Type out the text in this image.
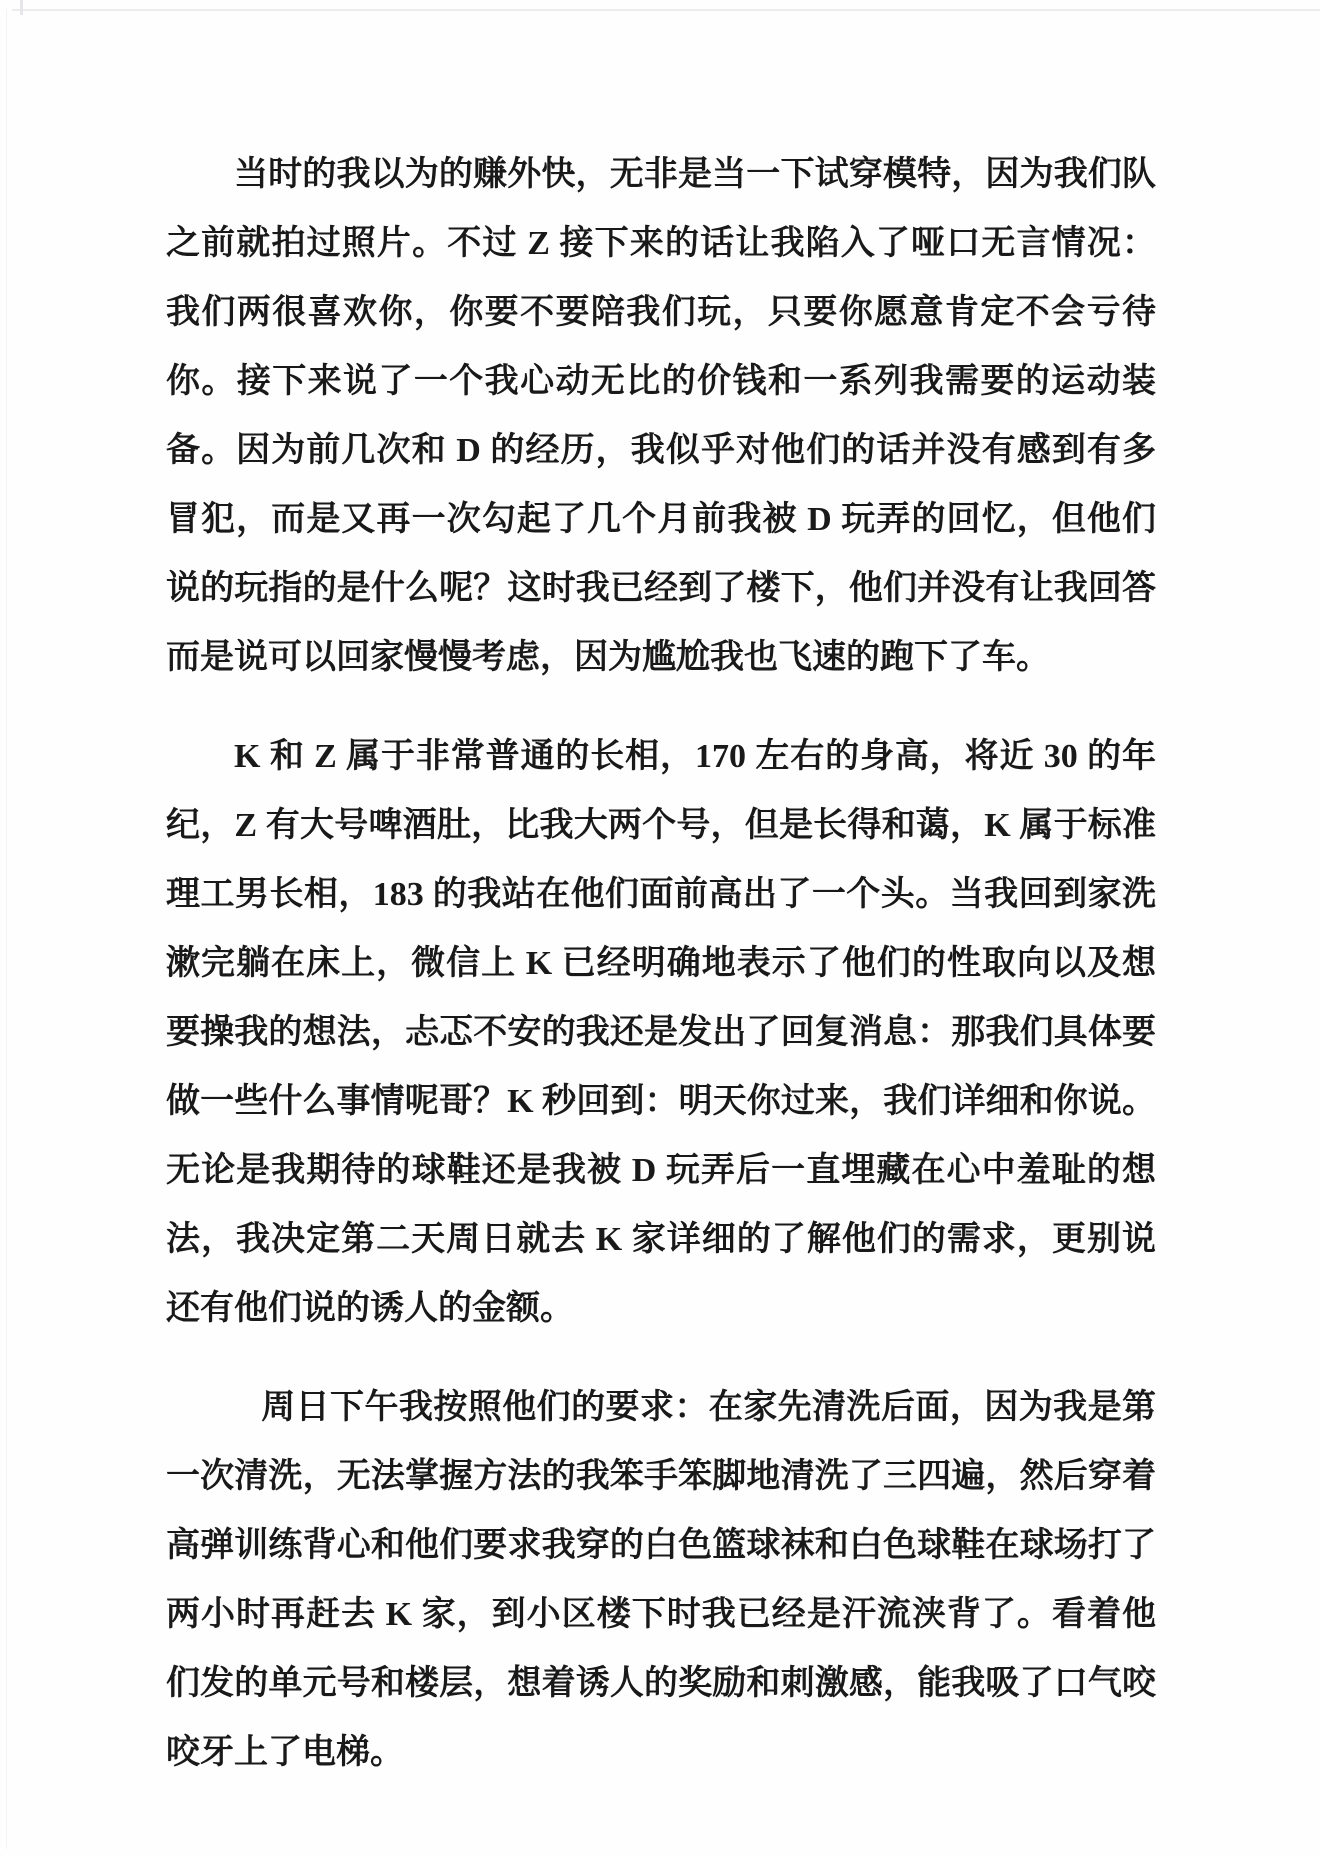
当时的我以为的赚外快，无非是当一下试穿模特，因为我们队之前就拍过照片。不过 Z 接下来的话让我陷入了哑口无言情况：我们两很喜欢你，你要不要陪我们玩，只要你愿意肯定不会亏待你。接下来说了一个我心动无比的价钱和一系列我需要的运动装备。因为前几次和 D 的经历，我似乎对他们的话并没有感到有多冒犯，而是又再一次勾起了几个月前我被 D 玩弄的回忆，但他们说的玩指的是什么呢？这时我已经到了楼下，他们并没有让我回答而是说可以回家慢慢考虑，因为尴尬我也飞速的跑下了车。

K 和 Z 属于非常普通的长相，170 左右的身高，将近 30 的年纪，Z 有大号啤酒肚，比我大两个号，但是长得和蔼，K 属于标准理工男长相，183 的我站在他们面前高出了一个头。当我回到家洗漱完躺在床上，微信上 K 已经明确地表示了他们的性取向以及想要操我的想法，忐忑不安的我还是发出了回复消息：那我们具体要做一些什么事情呢哥？K 秒回到：明天你过来，我们详细和你说。无论是我期待的球鞋还是我被 D 玩弄后一直埋藏在心中羞耻的想法，我决定第二天周日就去 K 家详细的了解他们的需求，更别说还有他们说的诱人的金额。

周日下午我按照他们的要求：在家先清洗后面，因为我是第一次清洗，无法掌握方法的我笨手笨脚地清洗了三四遍，然后穿着高弹训练背心和他们要求我穿的白色篮球袜和白色球鞋在球场打了两小时再赶去 K 家，到小区楼下时我已经是汗流浃背了。看着他们发的单元号和楼层，想着诱人的奖励和刺激感，能我吸了口气咬咬牙上了电梯。
